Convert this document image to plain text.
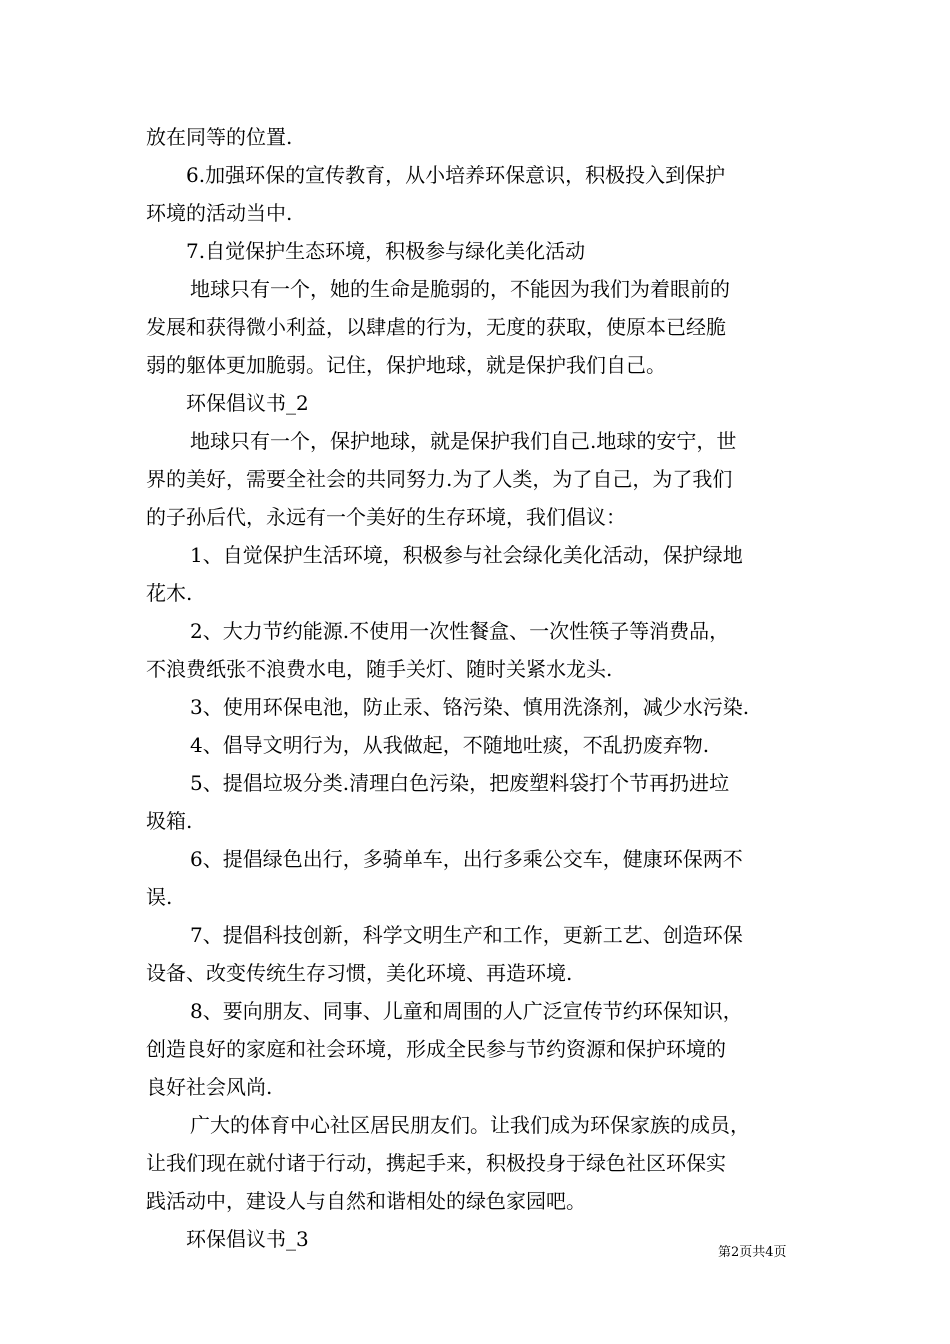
放在同等的位置.
6.加强环保的宣传教育，从小培养环保意识，积极投入到保护
环境的活动当中.
7.自觉保护生态环境，积极参与绿化美化活动
地球只有一个，她的生命是脆弱的，不能因为我们为着眼前的
发展和获得微小利益，以肆虐的行为，无度的获取，使原本已经脆
弱的躯体更加脆弱。记住，保护地球，就是保护我们自己。
环保倡议书_2
地球只有一个，保护地球，就是保护我们自己.地球的安宁，世
界的美好，需要全社会的共同努力.为了人类，为了自己，为了我们
的子孙后代，永远有一个美好的生存环境，我们倡议：
1、自觉保护生活环境，积极参与社会绿化美化活动，保护绿地
花木.
2、大力节约能源.不使用一次性餐盒、一次性筷子等消费品，
不浪费纸张不浪费水电，随手关灯、随时关紧水龙头.
3、使用环保电池，防止汞、铬污染、慎用洗涤剂，减少水污染.
4、倡导文明行为，从我做起，不随地吐痰，不乱扔废弃物.
5、提倡垃圾分类.清理白色污染，把废塑料袋打个节再扔进垃
圾箱.
6、提倡绿色出行，多骑单车，出行多乘公交车，健康环保两不
误.
7、提倡科技创新，科学文明生产和工作，更新工艺、创造环保
设备、改变传统生存习惯，美化环境、再造环境.
8、要向朋友、同事、儿童和周围的人广泛宣传节约环保知识，
创造良好的家庭和社会环境，形成全民参与节约资源和保护环境的
良好社会风尚.
广大的体育中心社区居民朋友们。让我们成为环保家族的成员，
让我们现在就付诸于行动，携起手来，积极投身于绿色社区环保实
践活动中，建设人与自然和谐相处的绿色家园吧。
环保倡议书_3
第2页共4页
